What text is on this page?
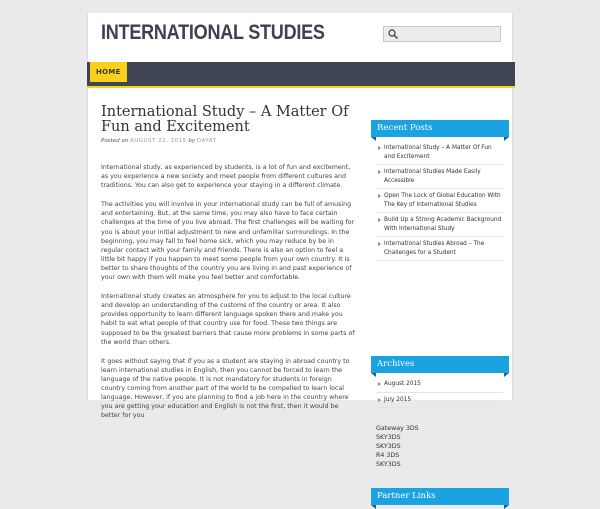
INTERNATIONAL STUDIES
HOME
International Study – A Matter Of Fun and Excitement
Posted on AUGUST 22, 2015 by DAYAT

International study, as experienced by students, is a lot of fun and excitement, as you experience a new society and meet people from different cultures and traditions. You can also get to experience your staying in a different climate.

The activities you will involve in your international study can be full of amusing and entertaining. But, at the same time, you may also have to face certain challenges at the time of you live abroad. The first challenges will be waiting for you is about your initial adjustment to new and unfamiliar surroundings. In the beginning, you may fall to feel home sick, which you may reduce by be in regular contact with your family and friends. There is also an option to feel a little bit happy if you happen to meet some people from your own country. It is better to share thoughts of the country you are living in and past experience of your own with them will make you feel better and comfortable.

International study creates an atmosphere for you to adjust to the local culture and develop an understanding of the customs of the country or area. It also provides opportunity to learn different language spoken there and make you habit to eat what people of that country use for food. These two things are supposed to be the greatest barriers that cause more problems in some parts of the world than others.

It goes without saying that if you as a student are staying in abroad country to learn international studies in English, then you cannot be forced to learn the language of the native people. It is not mandatory for students in foreign country coming from another part of the world to be compelled to learn local language. However, if you are planning to find a job here in the country where you are getting your education and English is not the first, then it would be better for you

Recent Posts
International Study – A Matter Of Fun and Excitement
International Studies Made Easily Accessible
Open The Lock of Global Education With The Key of International Studies
Build Up a Strong Academic Background With International Study
International Studies Abroad – The Challenges for a Student
Archives
August 2015
July 2015
Gateway 3DS
SKY3DS
SKY3DS
R4 3DS
SKY3DS
Partner Links
